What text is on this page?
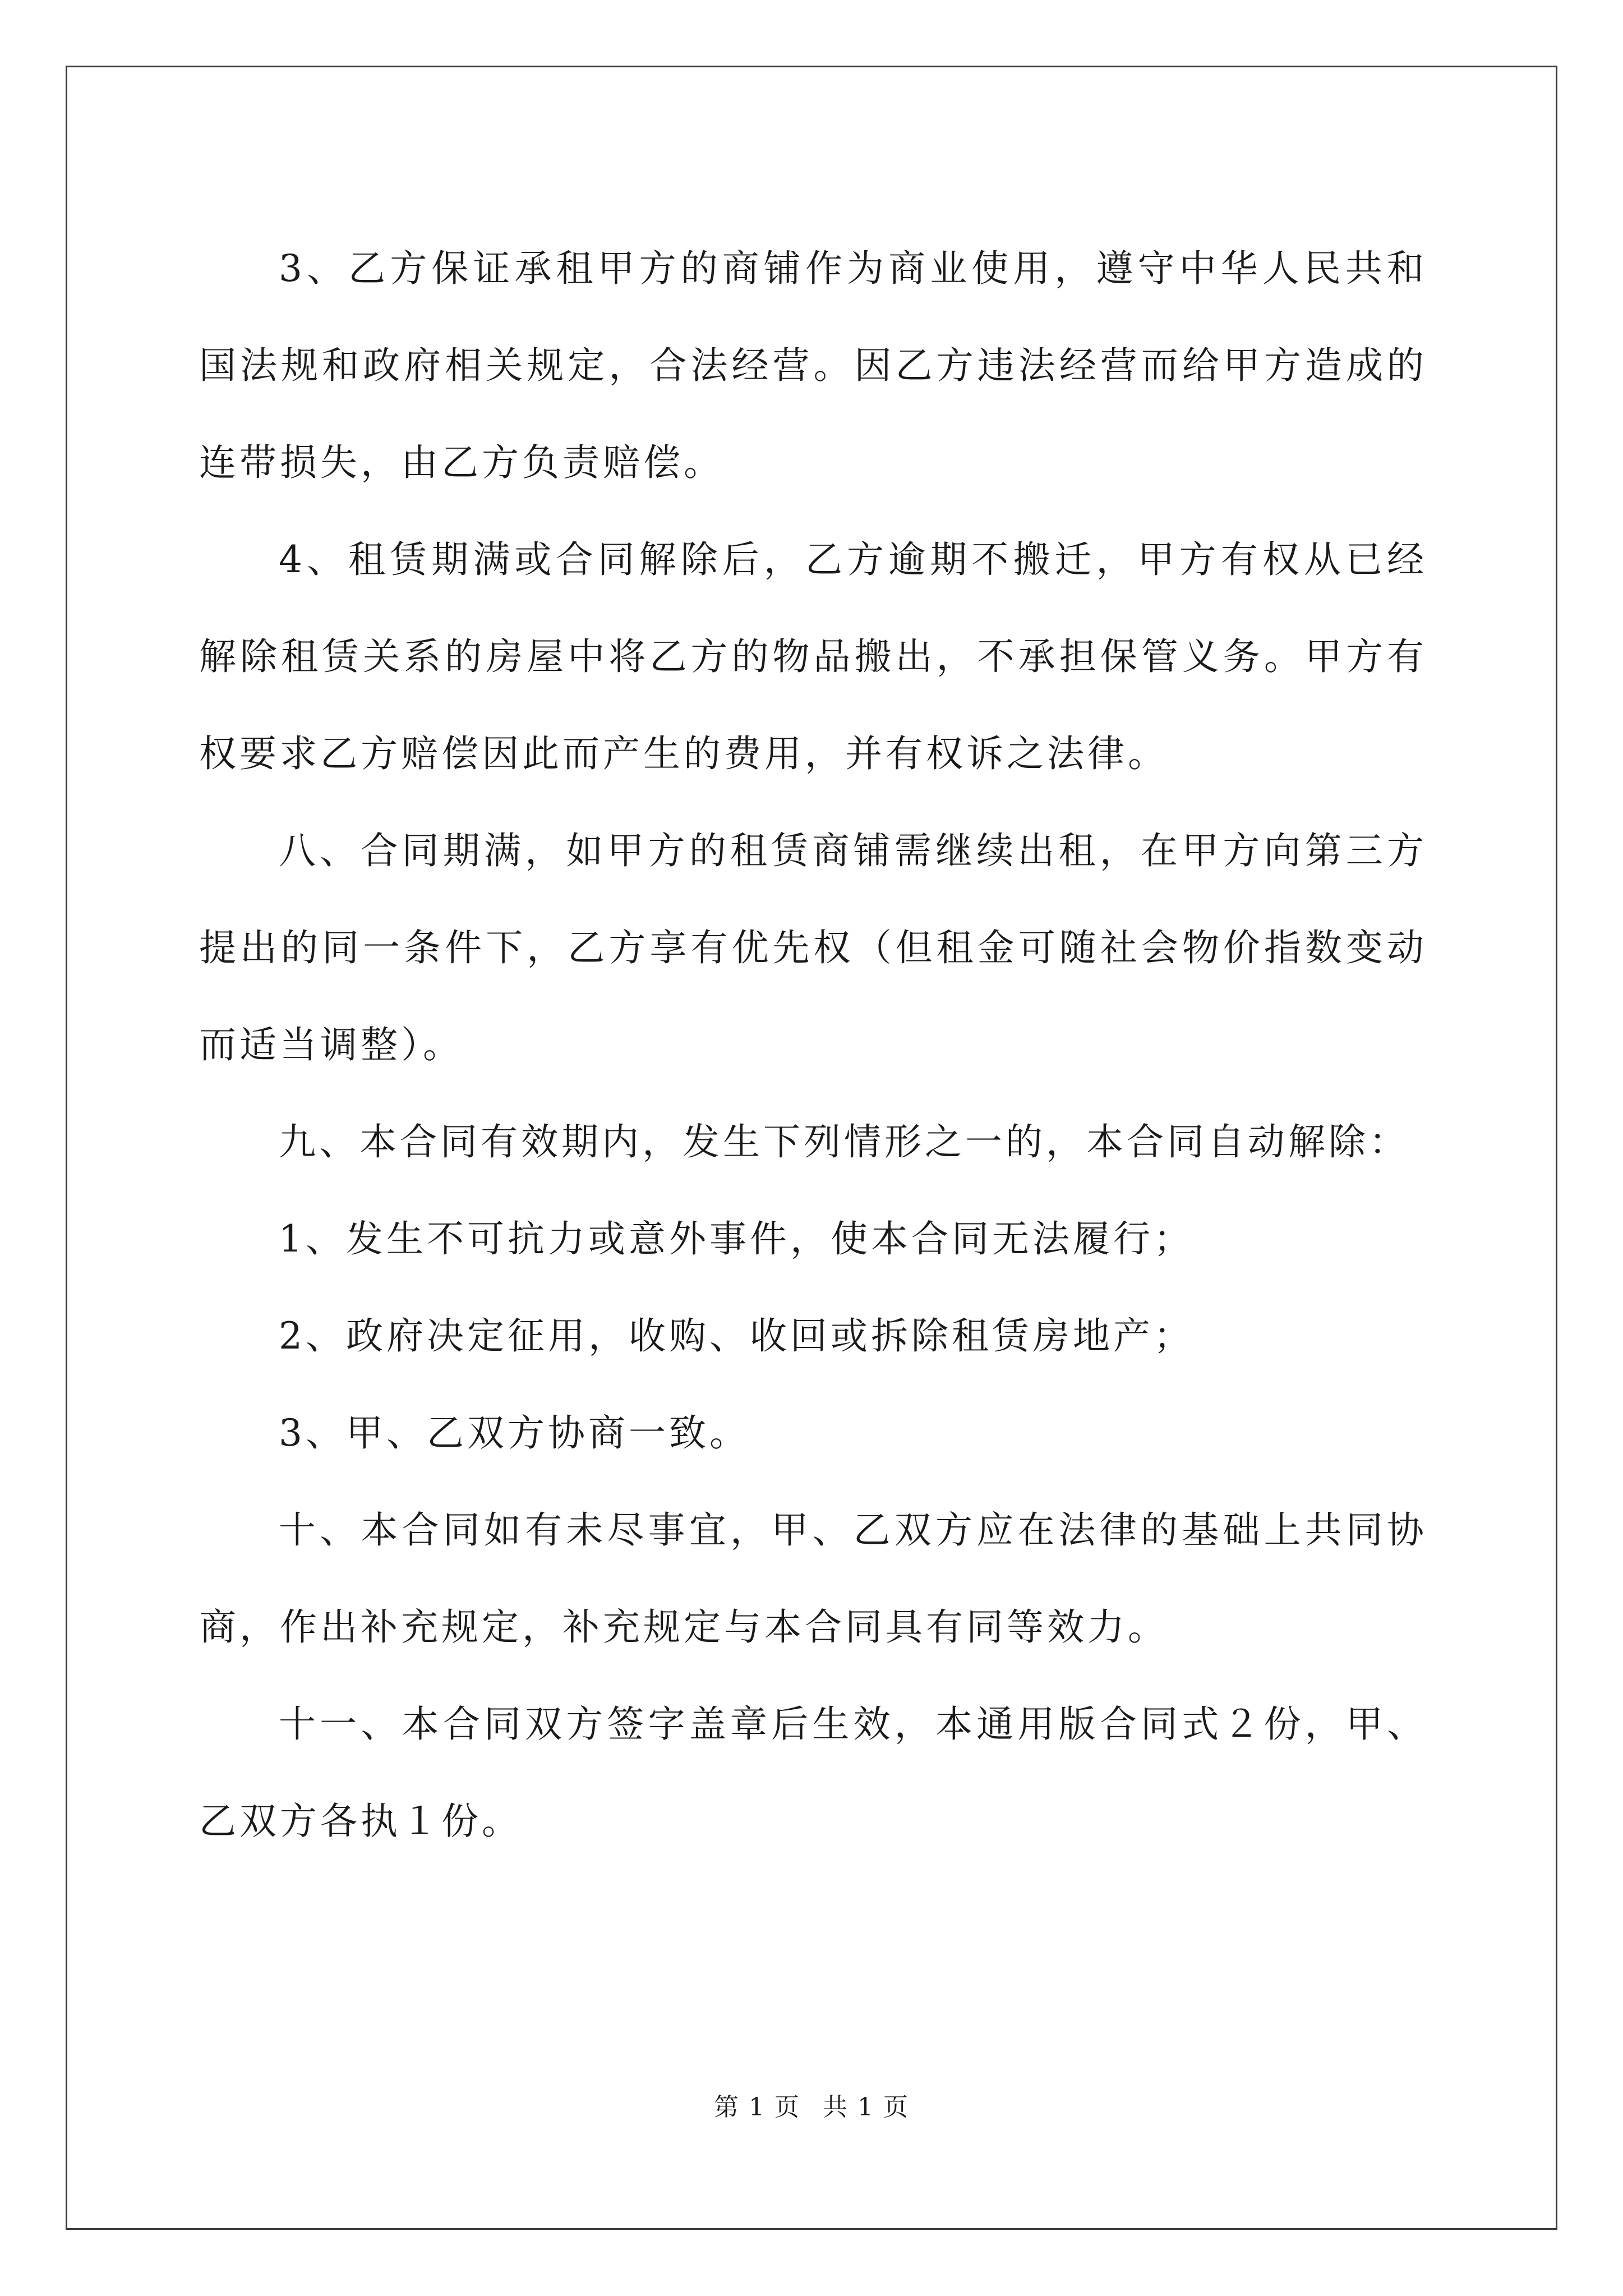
3、乙方保证承租甲方的商铺作为商业使用，遵守中华人民共和国法规和政府相关规定，合法经营。因乙方违法经营而给甲方造成的连带损失，由乙方负责赔偿。

4、租赁期满或合同解除后，乙方逾期不搬迁，甲方有权从已经解除租赁关系的房屋中将乙方的物品搬出，不承担保管义务。甲方有权要求乙方赔偿因此而产生的费用，并有权诉之法律。

八、合同期满，如甲方的租赁商铺需继续出租，在甲方向第三方提出的同一条件下，乙方享有优先权（但租金可随社会物价指数变动而适当调整）。

九、本合同有效期内，发生下列情形之一的，本合同自动解除：

1、发生不可抗力或意外事件，使本合同无法履行；

2、政府决定征用，收购、收回或拆除租赁房地产；

3、甲、乙双方协商一致。

十、本合同如有未尽事宜，甲、乙双方应在法律的基础上共同协商，作出补充规定，补充规定与本合同具有同等效力。

十一、本合同双方签字盖章后生效，本通用版合同式２份，甲、乙双方各执１份。

第 1 页 共 1 页
